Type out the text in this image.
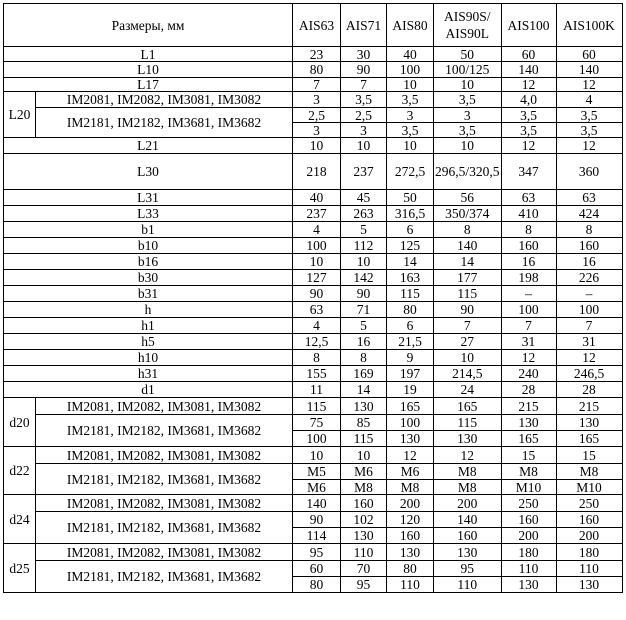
Размеры, мм		AIS63	AIS71	AIS80	AIS90S/ AIS90L	AIS100	AIS100K
L1		23	30	40	50	60	60
L10		80	90	100	100/125	140	140
L17		7	7	10	10	12	12
L20	IM2081, IM2082, IM3081, IM3082	3	3,5	3,5	3,5	4,0	4
	IM2181, IM2182, IM3681, IM3682	2,5	2,5	3	3	3,5	3,5
		3	3	3,5	3,5	3,5	3,5
L21		10	10	10	10	12	12
L30		218	237	272,5	296,5/320,5	347	360
L31		40	45	50	56	63	63
L33		237	263	316,5	350/374	410	424
b1		4	5	6	8	8	8
b10		100	112	125	140	160	160
b16		10	10	14	14	16	16
b30		127	142	163	177	198	226
b31		90	90	115	115	–	–
h		63	71	80	90	100	100
h1		4	5	6	7	7	7
h5		12,5	16	21,5	27	31	31
h10		8	8	9	10	12	12
h31		155	169	197	214,5	240	246,5
d1		11	14	19	24	28	28
d20	IM2081, IM2082, IM3081, IM3082	115	130	165	165	215	215
	IM2181, IM2182, IM3681, IM3682	75	85	100	115	130	130
		100	115	130	130	165	165
d22	IM2081, IM2082, IM3081, IM3082	10	10	12	12	15	15
	IM2181, IM2182, IM3681, IM3682	M5	M6	M6	M8	M8	M8
		M6	M8	M8	M8	M10	M10
d24	IM2081, IM2082, IM3081, IM3082	140	160	200	200	250	250
	IM2181, IM2182, IM3681, IM3682	90	102	120	140	160	160
		114	130	160	160	200	200
d25	IM2081, IM2082, IM3081, IM3082	95	110	130	130	180	180
	IM2181, IM2182, IM3681, IM3682	60	70	80	95	110	110
		80	95	110	110	130	130
